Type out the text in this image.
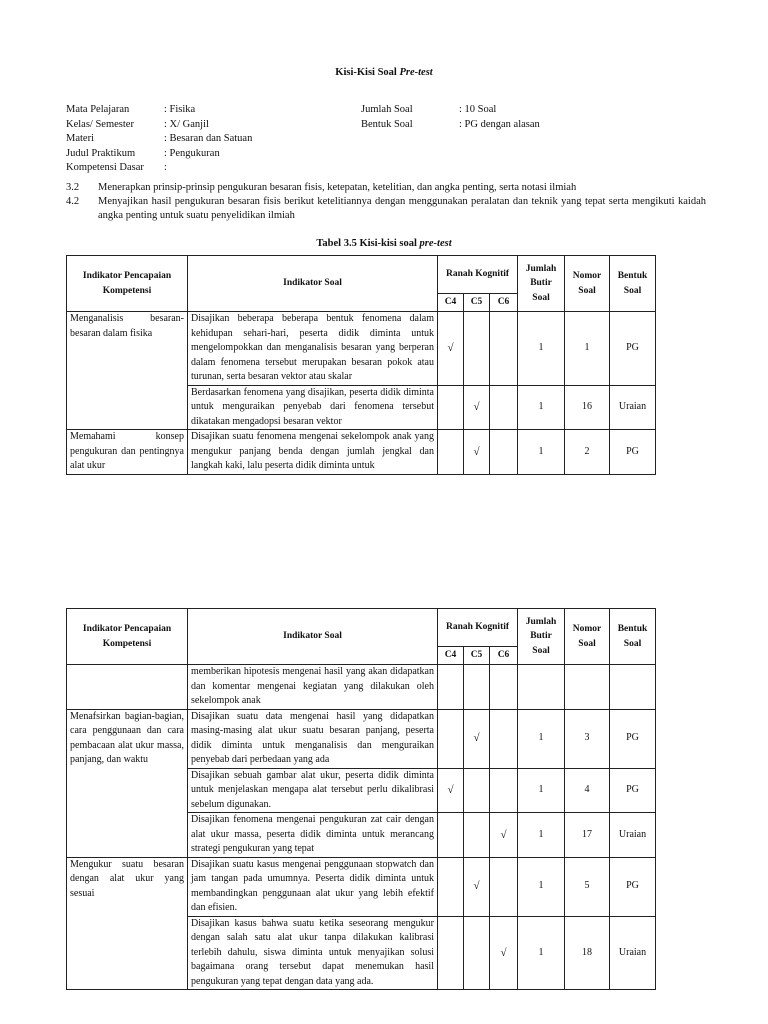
Kisi-Kisi Soal Pre-test
Mata Pelajaran	: Fisika	Jumlah Soal	: 10 Soal
Kelas/ Semester	: X/ Ganjil	Bentuk Soal	: PG dengan alasan
Materi	: Besaran dan Satuan
Judul Praktikum	: Pengukuran
Kompetensi Dasar :
3.2 Menerapkan prinsip-prinsip pengukuran besaran fisis, ketepatan, ketelitian, dan angka penting, serta notasi ilmiah
4.2 Menyajikan hasil pengukuran besaran fisis berikut ketelitiannya dengan menggunakan peralatan dan teknik yang tepat serta mengikuti kaidah angka penting untuk suatu penyelidikan ilmiah
Tabel 3.5 Kisi-kisi soal pre-test
Indikator Pencapaian Kompetensi	Indikator Soal	Ranah Kognitif			Jumlah Butir Soal	Nomor Soal	Bentuk Soal
		C4	C5	C6			
Menganalisis besaran-besaran dalam fisika	Disajikan beberapa beberapa bentuk fenomena dalam kehidupan sehari-hari, peserta didik diminta untuk mengelompokkan dan menganalisis besaran yang berperan dalam fenomena tersebut merupakan besaran pokok atau turunan, serta besaran vektor atau skalar	√			1	1	PG
	Berdasarkan fenomena yang disajikan, peserta didik diminta untuk menguraikan penyebab dari fenomena tersebut dikatakan mengadopsi besaran vektor		√		1	16	Uraian
Memahami konsep pengukuran dan pentingnya alat ukur	Disajikan suatu fenomena mengenai sekelompok anak yang mengukur panjang benda dengan jumlah jengkal dan langkah kaki, lalu peserta didik diminta untuk		√		1	2	PG
Indikator Pencapaian Kompetensi	Indikator Soal	Ranah Kognitif			Jumlah Butir Soal	Nomor Soal	Bentuk Soal
		C4	C5	C6			
	memberikan hipotesis mengenai hasil yang akan didapatkan dan komentar mengenai kegiatan yang dilakukan oleh sekelompok anak						
Menafsirkan bagian-bagian, cara penggunaan dan cara pembacaan alat ukur massa, panjang, dan waktu	Disajikan suatu data mengenai hasil yang didapatkan masing-masing alat ukur suatu besaran panjang, peserta didik diminta untuk menganalisis dan menguraikan penyebab dari perbedaan yang ada		√		1	3	PG
	Disajikan sebuah gambar alat ukur, peserta didik diminta untuk menjelaskan mengapa alat tersebut perlu dikalibrasi sebelum digunakan.	√			1	4	PG
	Disajikan fenomena mengenai pengukuran zat cair dengan alat ukur massa, peserta didik diminta untuk merancang strategi pengukuran yang tepat			√	1	17	Uraian
Mengukur suatu besaran dengan alat ukur yang sesuai	Disajikan suatu kasus mengenai penggunaan stopwatch dan jam tangan pada umumnya. Peserta didik diminta untuk membandingkan penggunaan alat ukur yang lebih efektif dan efisien.		√		1	5	PG
	Disajikan kasus bahwa suatu ketika seseorang mengukur dengan salah satu alat ukur tanpa dilakukan kalibrasi terlebih dahulu, siswa diminta untuk menyajikan solusi bagaimana orang tersebut dapat menemukan hasil pengukuran yang tepat dengan data yang ada.			√	1	18	Uraian
